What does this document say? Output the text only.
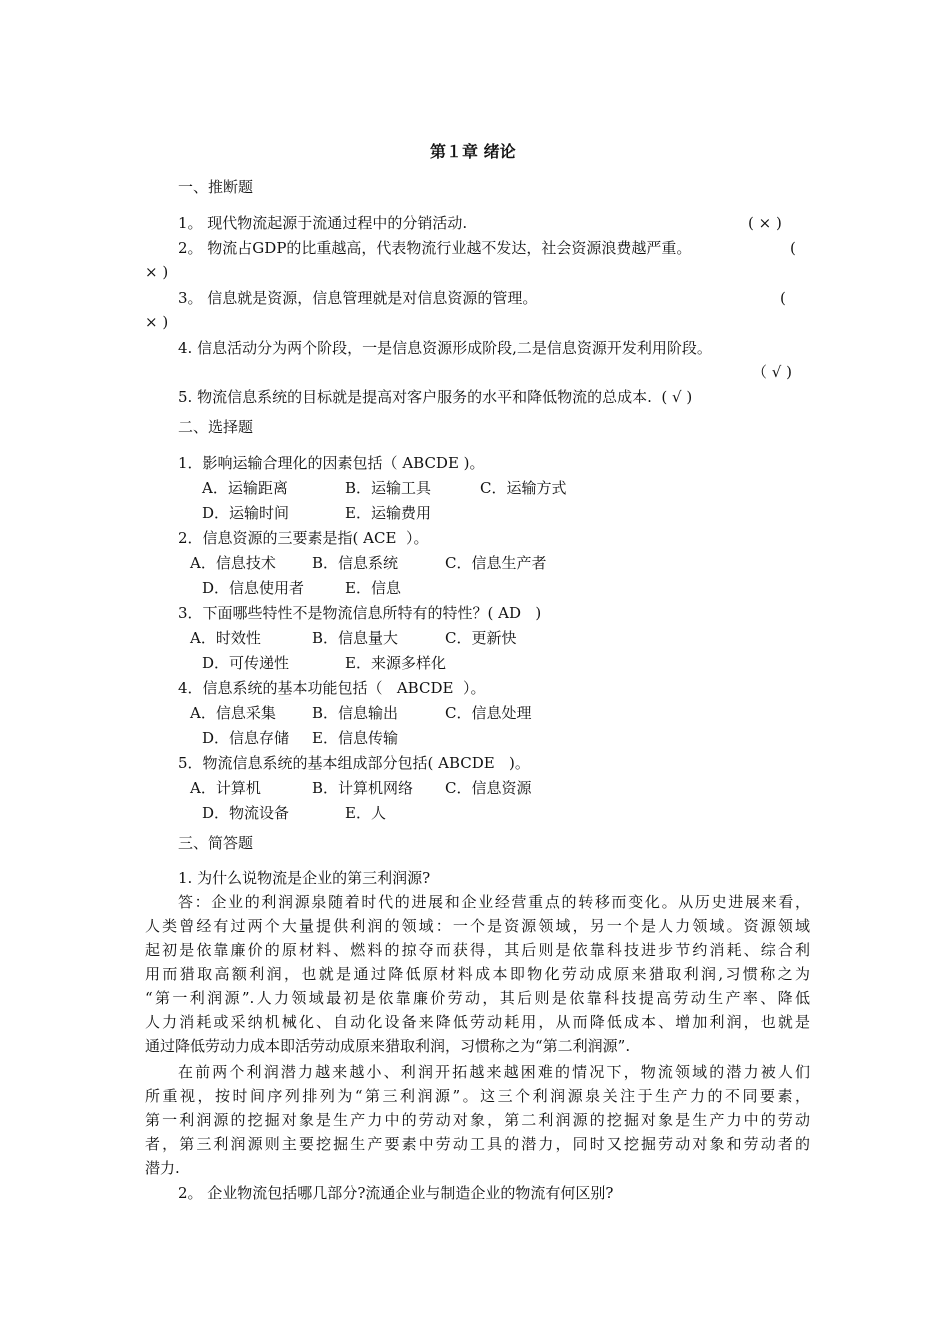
第１章 绪论
一、推断题
1。 现代物流起源于流通过程中的分销活动.	( × )
2。 物流占GDP的比重越高，代表物流行业越不发达，社会资源浪费越严重。	(
× )
3。 信息就是资源，信息管理就是对信息资源的管理。	(
× )
4. 信息活动分为两个阶段，一是信息资源形成阶段,二是信息资源开发利用阶段。
（ √ )
5. 物流信息系统的目标就是提高对客户服务的水平和降低物流的总成本.  ( √ )
二、选择题
1．影响运输合理化的因素包括（ ABCDE )。
A．运输距离	B．运输工具	C．运输方式
D．运输时间	E．运输费用
2．信息资源的三要素是指( ACE  ）。
A．信息技术 B．信息系统	C．信息生产者
D．信息使用者	E．信息
3．下面哪些特性不是物流信息所特有的特性？( AD   )
A．时效性	B．信息量大	C．更新快
D．可传递性	E．来源多样化
4．信息系统的基本功能包括（   ABCDE  ）。
A．信息采集 B．信息输出	C．信息处理
D．信息存储 E．信息传输
5．物流信息系统的基本组成部分包括( ABCDE   )。
A．计算机	B．计算机网络 C．信息资源
D．物流设备	E．人
三、简答题
1. 为什么说物流是企业的第三利润源?
答：企业的利润源泉随着时代的进展和企业经营重点的转移而变化。从历史进展来看，
人类曾经有过两个大量提供利润的领域：一个是资源领域，另一个是人力领域。资源领域
起初是依靠廉价的原材料、燃料的掠夺而获得，其后则是依靠科技进步节约消耗、综合利
用而猎取高额利润，也就是通过降低原材料成本即物化劳动成原来猎取利润,习惯称之为
“第一利润源”.人力领域最初是依靠廉价劳动，其后则是依靠科技提高劳动生产率、降低
人力消耗或采纳机械化、自动化设备来降低劳动耗用，从而降低成本、增加利润，也就是
通过降低劳动力成本即活劳动成原来猎取利润，习惯称之为“第二利润源”.
在前两个利润潜力越来越小、利润开拓越来越困难的情况下，物流领域的潜力被人们
所重视，按时间序列排列为“第三利润源”。这三个利润源泉关注于生产力的不同要素，
第一利润源的挖掘对象是生产力中的劳动对象，第二利润源的挖掘对象是生产力中的劳动
者，第三利润源则主要挖掘生产要素中劳动工具的潜力，同时又挖掘劳动对象和劳动者的
潜力.
2。 企业物流包括哪几部分?流通企业与制造企业的物流有何区别?
